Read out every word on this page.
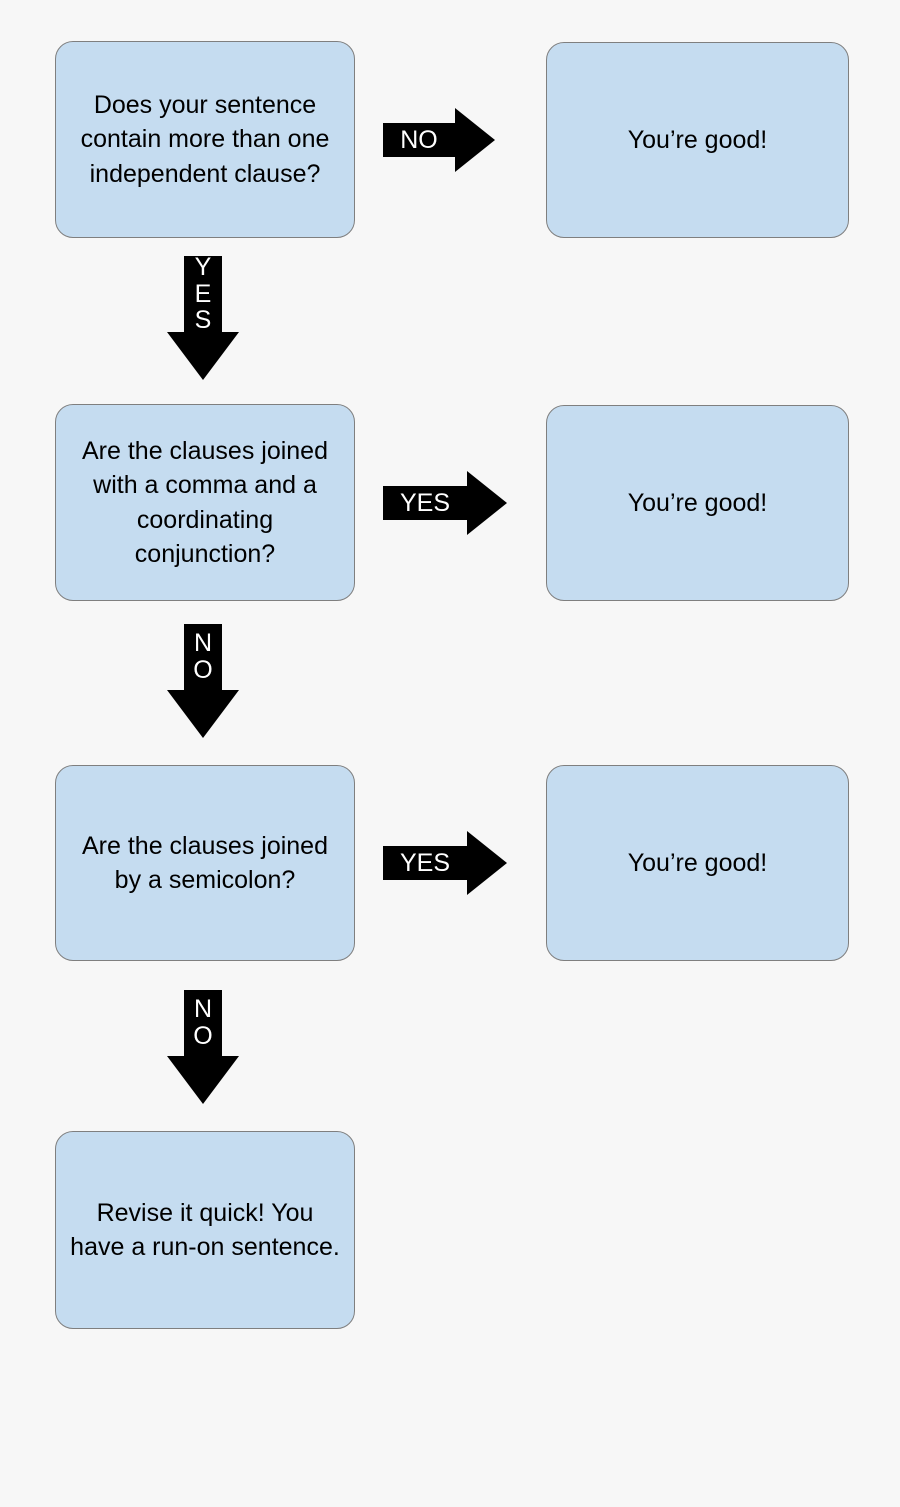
Does your sentence contain more than one independent clause?
NO	You’re good!
Y
E
S
Are the clauses joined with a comma and a coordinating conjunction?
YES	You’re good!
N
O
Are the clauses joined by a semicolon?
YES	You’re good!
N
O
Revise it quick! You have a run-on sentence.
